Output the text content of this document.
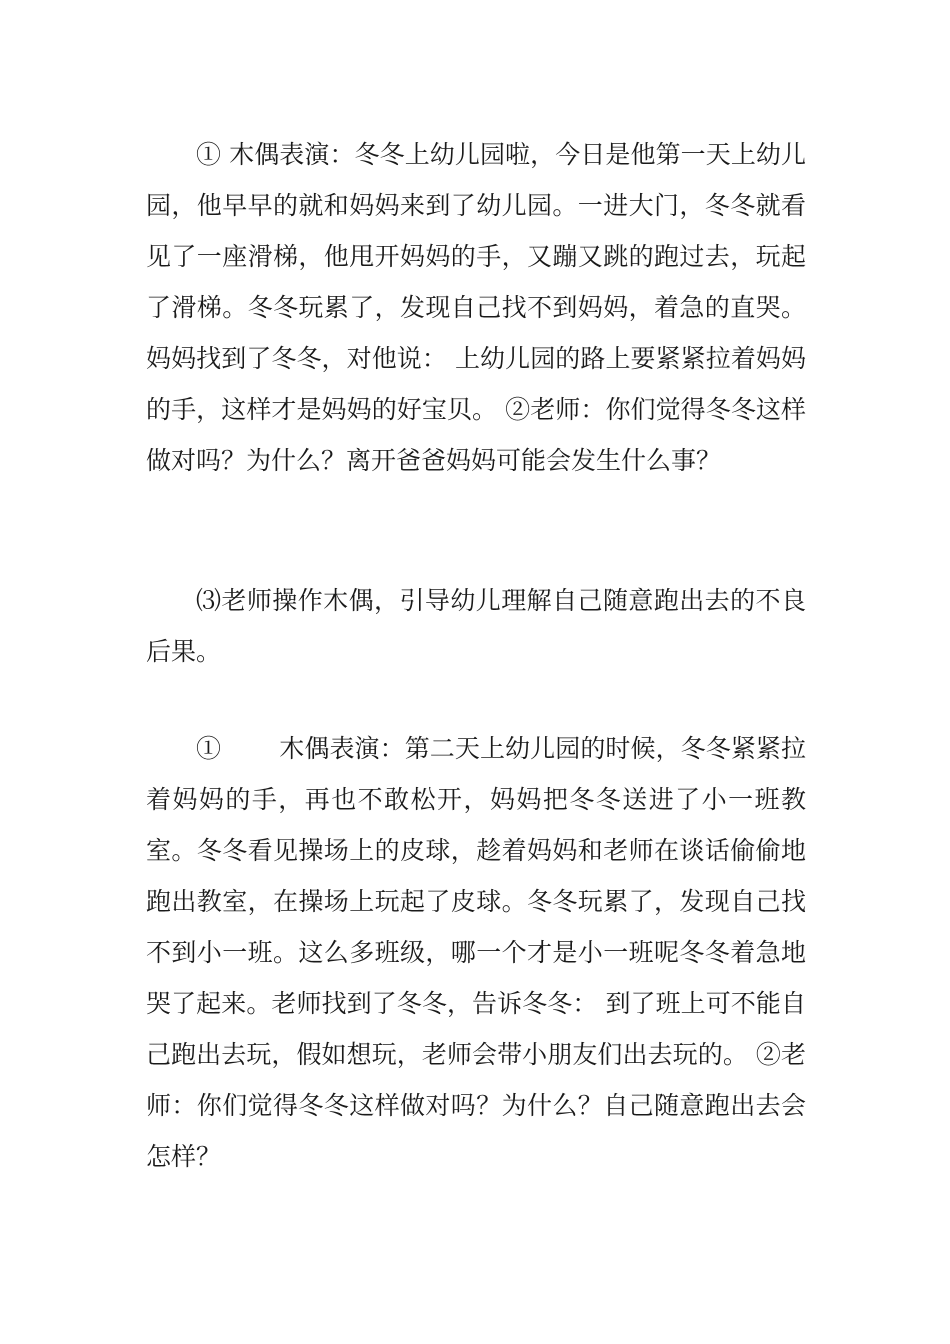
① 木偶表演：冬冬上幼儿园啦，今日是他第一天上幼儿园，他早早的就和妈妈来到了幼儿园。一进大门，冬冬就看见了一座滑梯，他甩开妈妈的手，又蹦又跳的跑过去，玩起了滑梯。冬冬玩累了，发现自己找不到妈妈，着急的直哭。妈妈找到了冬冬，对他说： 上幼儿园的路上要紧紧拉着妈妈的手，这样才是妈妈的好宝贝。 ②老师：你们觉得冬冬这样做对吗？为什么？离开爸爸妈妈可能会发生什么事？

⑶老师操作木偶，引导幼儿理解自己随意跑出去的不良后果。

①　　 木偶表演：第二天上幼儿园的时候，冬冬紧紧拉着妈妈的手，再也不敢松开，妈妈把冬冬送进了小一班教室。冬冬看见操场上的皮球，趁着妈妈和老师在谈话偷偷地跑出教室，在操场上玩起了皮球。冬冬玩累了，发现自己找不到小一班。这么多班级，哪一个才是小一班呢冬冬着急地哭了起来。老师找到了冬冬，告诉冬冬： 到了班上可不能自己跑出去玩，假如想玩，老师会带小朋友们出去玩的。 ②老师：你们觉得冬冬这样做对吗？为什么？自己随意跑出去会怎样？
